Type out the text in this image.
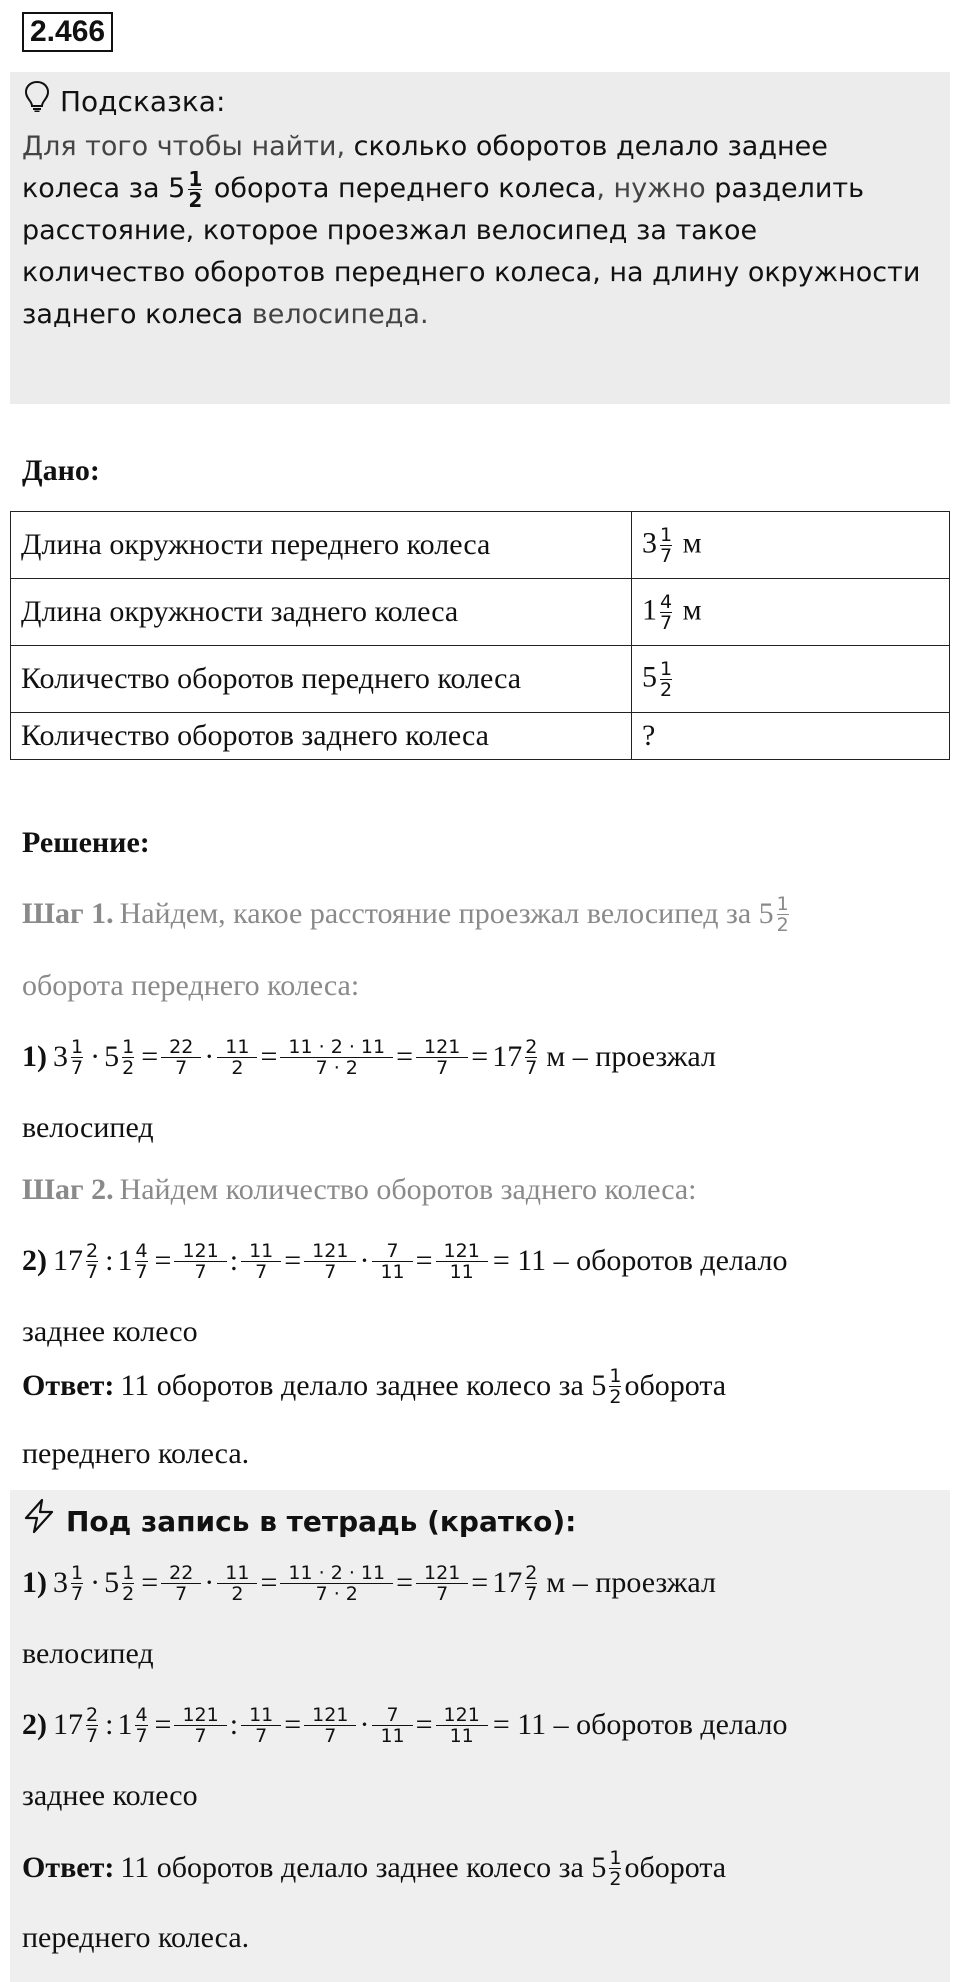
2.466
Подсказка:
Для того чтобы найти, сколько оборотов делало заднее колеса за $5 \frac{1}{2}$ оборота переднего колеса, нужно разделить расстояние, которое проезжал велосипед за такое количество оборотов переднего колеса, на длину окружности заднего колеса велосипеда.
Дано:
Длина окружности переднего колеса	$3 \frac{1}{7}$ м
Длина окружности заднего колеса	$1 \frac{4}{7}$ м
Количество оборотов переднего колеса	$5 \frac{1}{2}$

Количество оборотов заднего колеса	?
Решение:
Шаг 1. Найдем, какое расстояние проезжал велосипед за $5 \frac{1}{2}$
оборота переднего колеса:
1) $3 \frac{1}{7} \cdot 5 \frac{1}{2} = \frac{22}{7} \cdot \frac{11}{2} = \frac{11 \cdot 2 \cdot 11}{7 \cdot 2} = \frac{121}{7} = 17 \frac{2}{7}$ м – проезжал
велосипед
Шаг 2. Найдем количество оборотов заднего колеса:
2) $17 \frac{2}{7}$ : $1 \frac{4}{7} = \frac{121}{7}$ : $\frac{11}{7} = \frac{121}{7} \cdot \frac{7}{11} = \frac{121}{11} = 11$ – оборотов делало
заднее колесо
Ответ: 11 оборотов делало заднее колесо за $5 \frac{1}{2}$ оборота
переднего колеса.
Под запись в тетрадь (кратко):
1) $3 \frac{1}{7} \cdot 5 \frac{1}{2} = \frac{22}{7} \cdot \frac{11}{2} = \frac{11 \cdot 2 \cdot 11}{7 \cdot 2} = \frac{121}{7} = 17 \frac{2}{7}$ м – проезжал
велосипед
2) $17 \frac{2}{7}$ : $1 \frac{4}{7} = \frac{121}{7}$ : $\frac{11}{7} = \frac{121}{7} \cdot \frac{7}{11} = \frac{121}{11} = 11$ – оборотов делало
заднее колесо
Ответ: 11 оборотов делало заднее колесо за $5 \frac{1}{2}$ оборота
переднего колеса.
